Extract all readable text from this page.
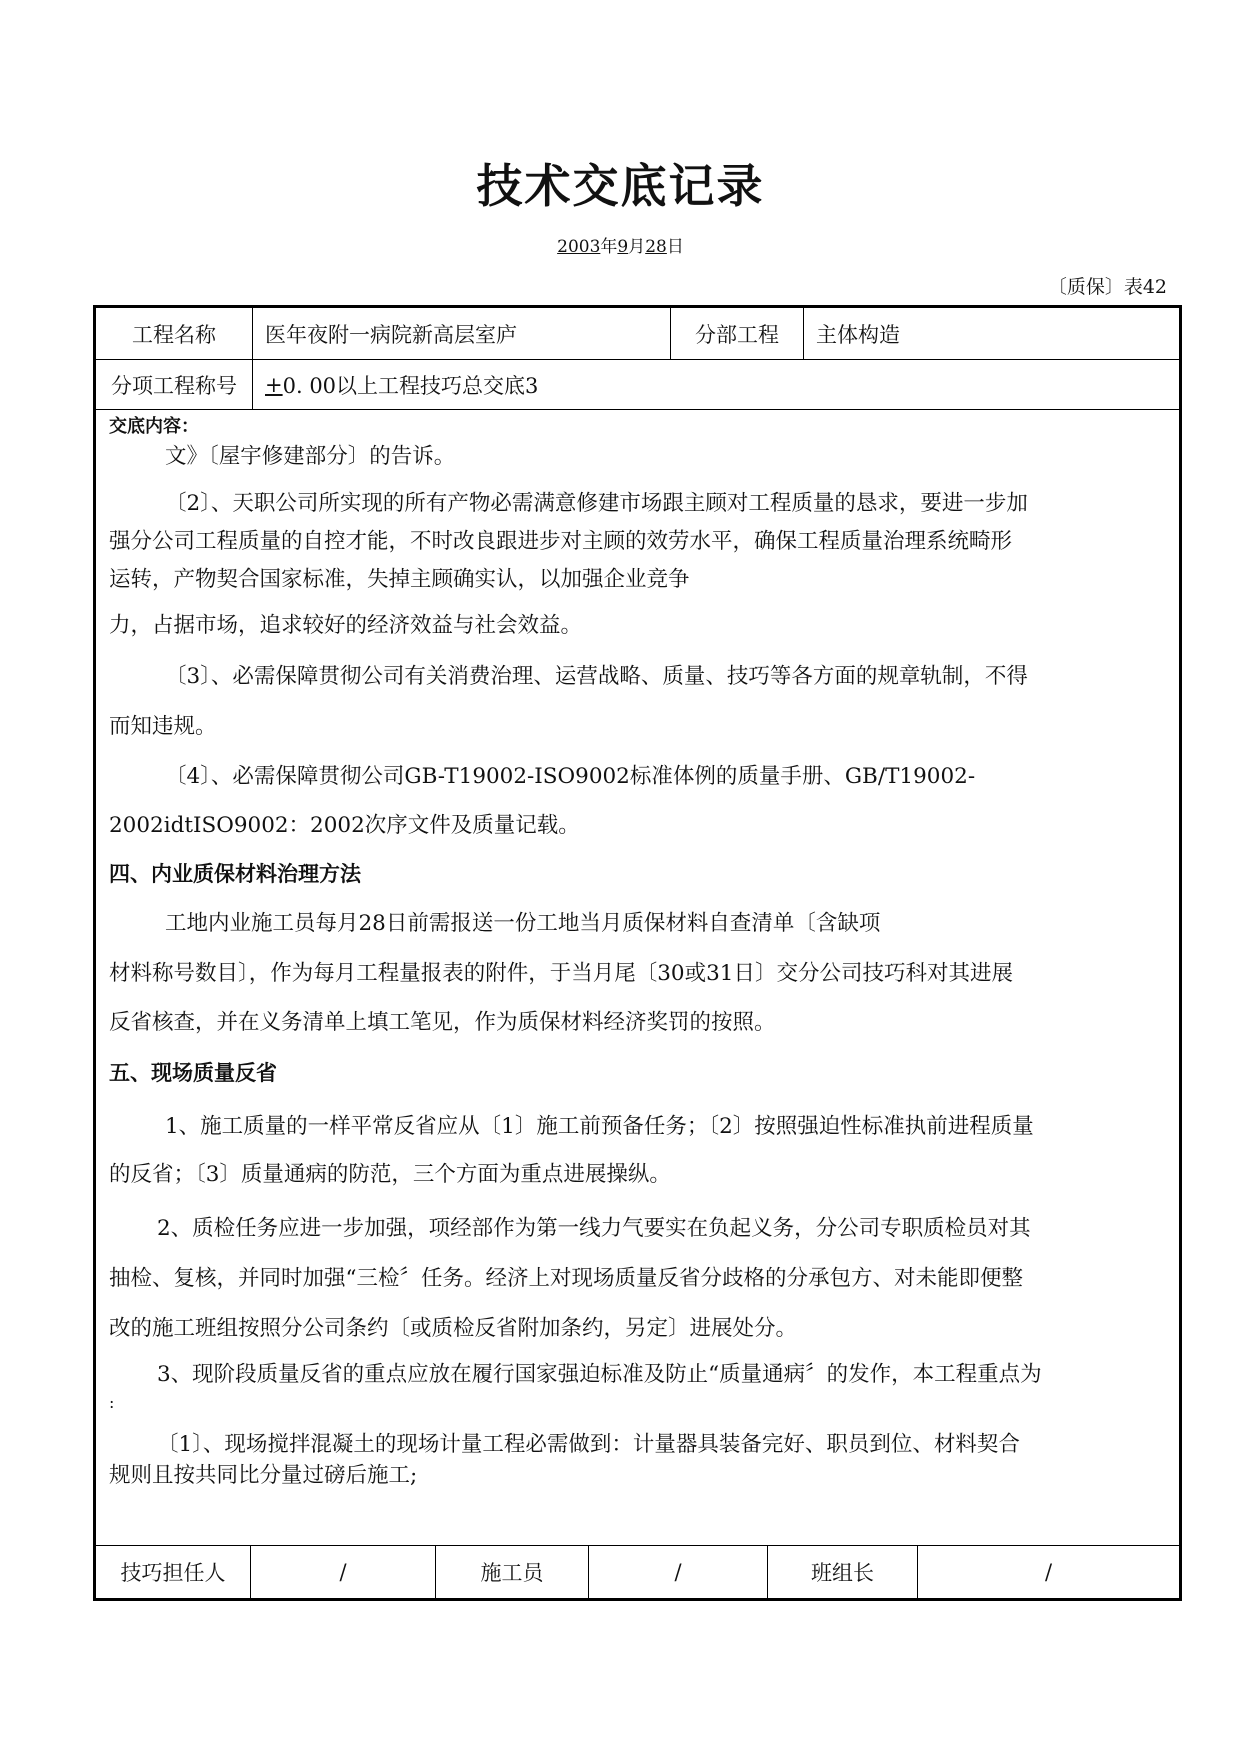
技术交底记录
2003年9月28日
〔质保〕表42
工程名称	医年夜附一病院新高层室庐	分部工程	主体构造
分项工程称号	+ 0. 00以上工程技巧总交底3
交底内容：
文》〔屋宇修建部分〕的告诉。
〔2〕、天职公司所实现的所有产物必需满意修建市场跟主顾对工程质量的恳求，要进一步加
强分公司工程质量的自控才能，不时改良跟进步对主顾的效劳水平，确保工程质量治理系统畸形
运转，产物契合国家标准，失掉主顾确实认，以加强企业竞争
力，占据市场，追求较好的经济效益与社会效益。
〔3〕、必需保障贯彻公司有关消费治理、运营战略、质量、技巧等各方面的规章轨制，不得
而知违规。
〔4〕、必需保障贯彻公司GB-T19002-ISO9002标准体例的质量手册、GB/T19002-
2002idtISO9002：2002次序文件及质量记载。
四、内业质保材料治理方法
工地内业施工员每月28日前需报送一份工地当月质保材料自查清单〔含缺项
材料称号数目〕，作为每月工程量报表的附件，于当月尾〔30或31日〕交分公司技巧科对其进展
反省核查，并在义务清单上填工笔见，作为质保材料经济奖罚的按照。
五、现场质量反省
1、施工质量的一样平常反省应从〔1〕施工前预备任务；〔2〕按照强迫性标准执前进程质量
的反省；〔3〕质量通病的防范，三个方面为重点进展操纵。
2、质检任务应进一步加强，项经部作为第一线力气要实在负起义务，分公司专职质检员对其
抽检、复核，并同时加强“三检〞任务。经济上对现场质量反省分歧格的分承包方、对未能即便整
改的施工班组按照分公司条约〔或质检反省附加条约，另定〕进展处分。
3、现阶段质量反省的重点应放在履行国家强迫标准及防止“质量通病〞的发作，本工程重点为
:
〔1〕、现场搅拌混凝土的现场计量工程必需做到：计量器具装备完好、职员到位、材料契合
规则且按共同比分量过磅后施工;
技巧担任人	/	施工员	/	班组长	/
